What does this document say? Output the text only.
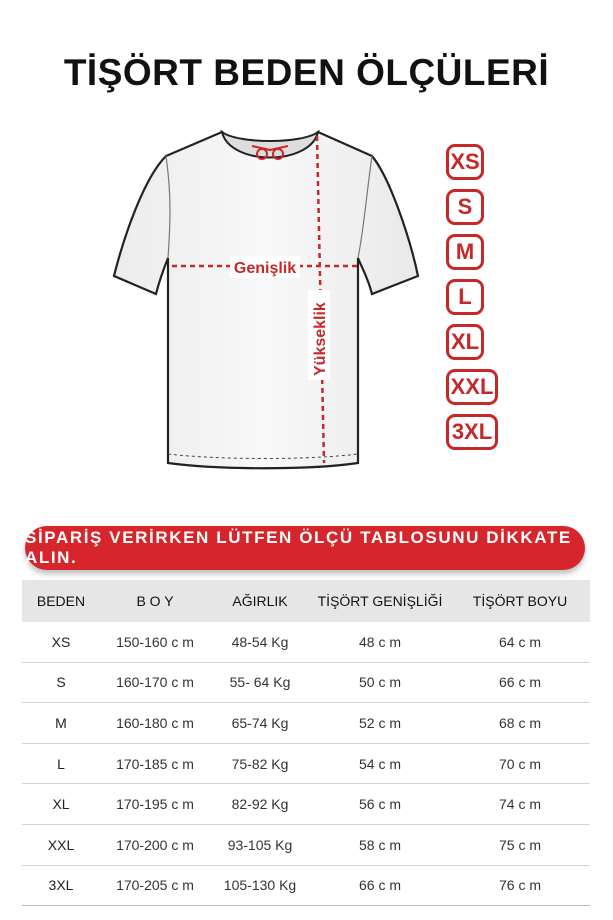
TİŞÖRT BEDEN ÖLÇÜLERİ
Genişlik
Yükseklik
XS
S
M
L
XL
XXL
3XL
SİPARİŞ VERİRKEN LÜTFEN ÖLÇÜ TABLOSUNU DİKKATE ALIN.
BEDEN	B O Y	AĞIRLIK	TİŞÖRT GENİŞLİĞİ	TİŞÖRT BOYU
XS	150-160 c m	48-54 Kg	48 c m	64 c m
S	160-170 c m	55- 64 Kg	50 c m	66 c m
M	160-180 c m	65-74 Kg	52 c m	68 c m
L	170-185 c m	75-82 Kg	54 c m	70 c m
XL	170-195 c m	82-92 Kg	56 c m	74 c m
XXL	170-200 c m	93-105 Kg	58 c m	75 c m
3XL	170-205 c m	105-130 Kg	66 c m	76 c m
